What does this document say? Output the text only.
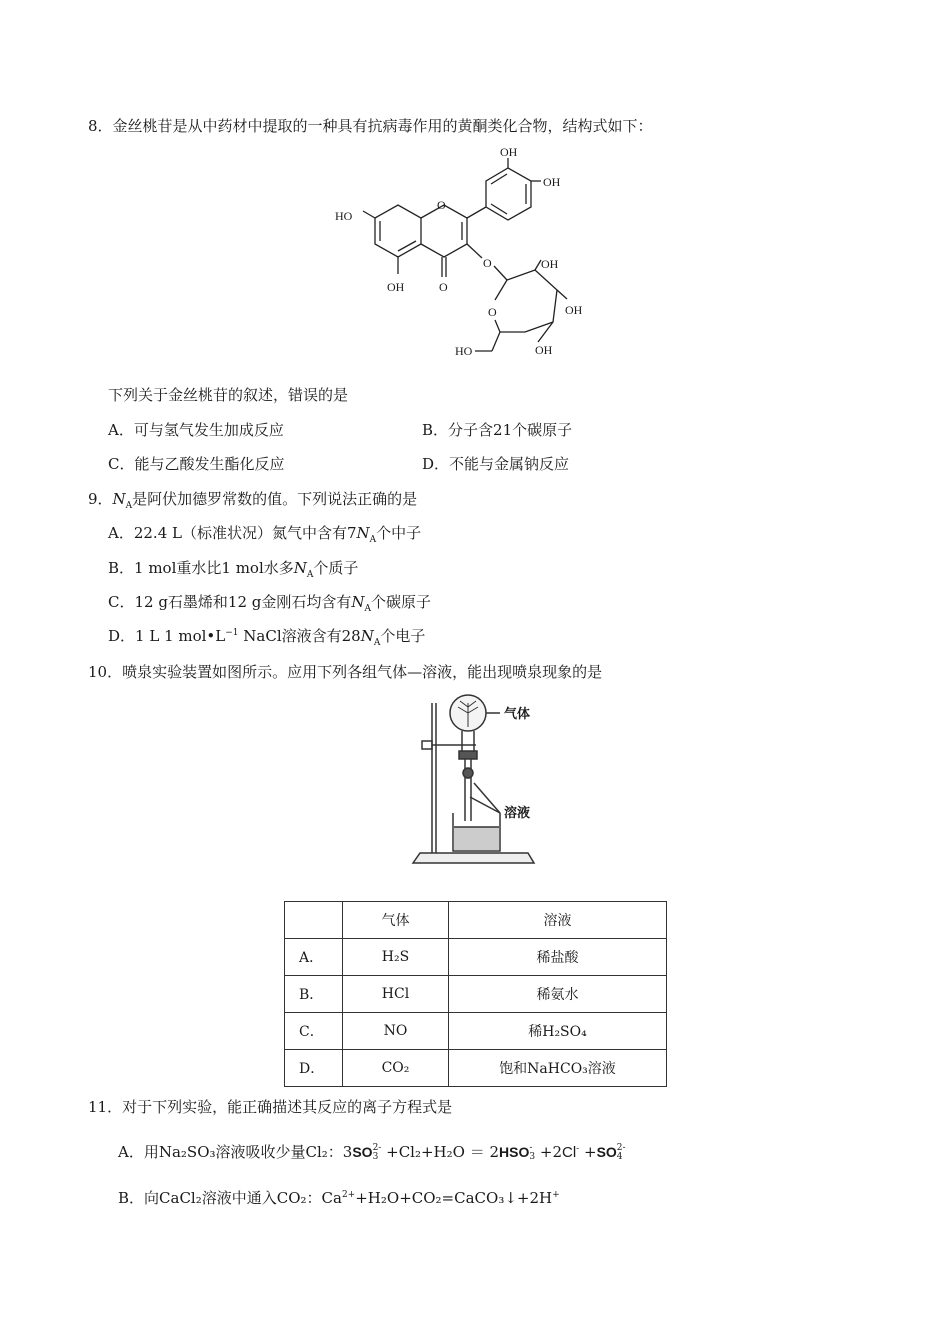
8．金丝桃苷是从中药材中提取的一种具有抗病毒作用的黄酮类化合物，结构式如下：
HO
OH	O
O
OH
OH
O	OH
OH
O
OH
HO
下列关于金丝桃苷的叙述，错误的是
A．可与氢气发生加成反应	B．分子含21个碳原子
C．能与乙酸发生酯化反应	D．不能与金属钠反应
9．$N_A$是阿伏加德罗常数的值。下列说法正确的是
A．22.4 L（标准状况）氮气中含有$7N_A$个中子
B．1 mol重水比1 mol水多$N_A$个质子
C．12 g石墨烯和12 g金刚石均含有$N_A$个碳原子
D．1 L 1 $mol•L^{-1}$ NaCl溶液含有$28N_A$个电子
10．喷泉实验装置如图所示。应用下列各组气体—溶液，能出现喷泉现象的是
气体
溶液
	气体	溶液
A．	H₂S	稀盐酸
B．	HCl	稀氨水
C．	NO	稀H₂SO₄
D．	CO₂	饱和NaHCO₃溶液
11．对于下列实验，能正确描述其反应的离子方程式是
A．用Na₂SO₃溶液吸收少量Cl₂：3SO 2-
3 +Cl₂+H₂O ＝ 2HSO -
3 +2Cl- +SO 2-
4
B．向CaCl₂溶液中通入CO₂：$Ca^{2+}+H_2O+CO_2=CaCO_3↓+2H^+$
